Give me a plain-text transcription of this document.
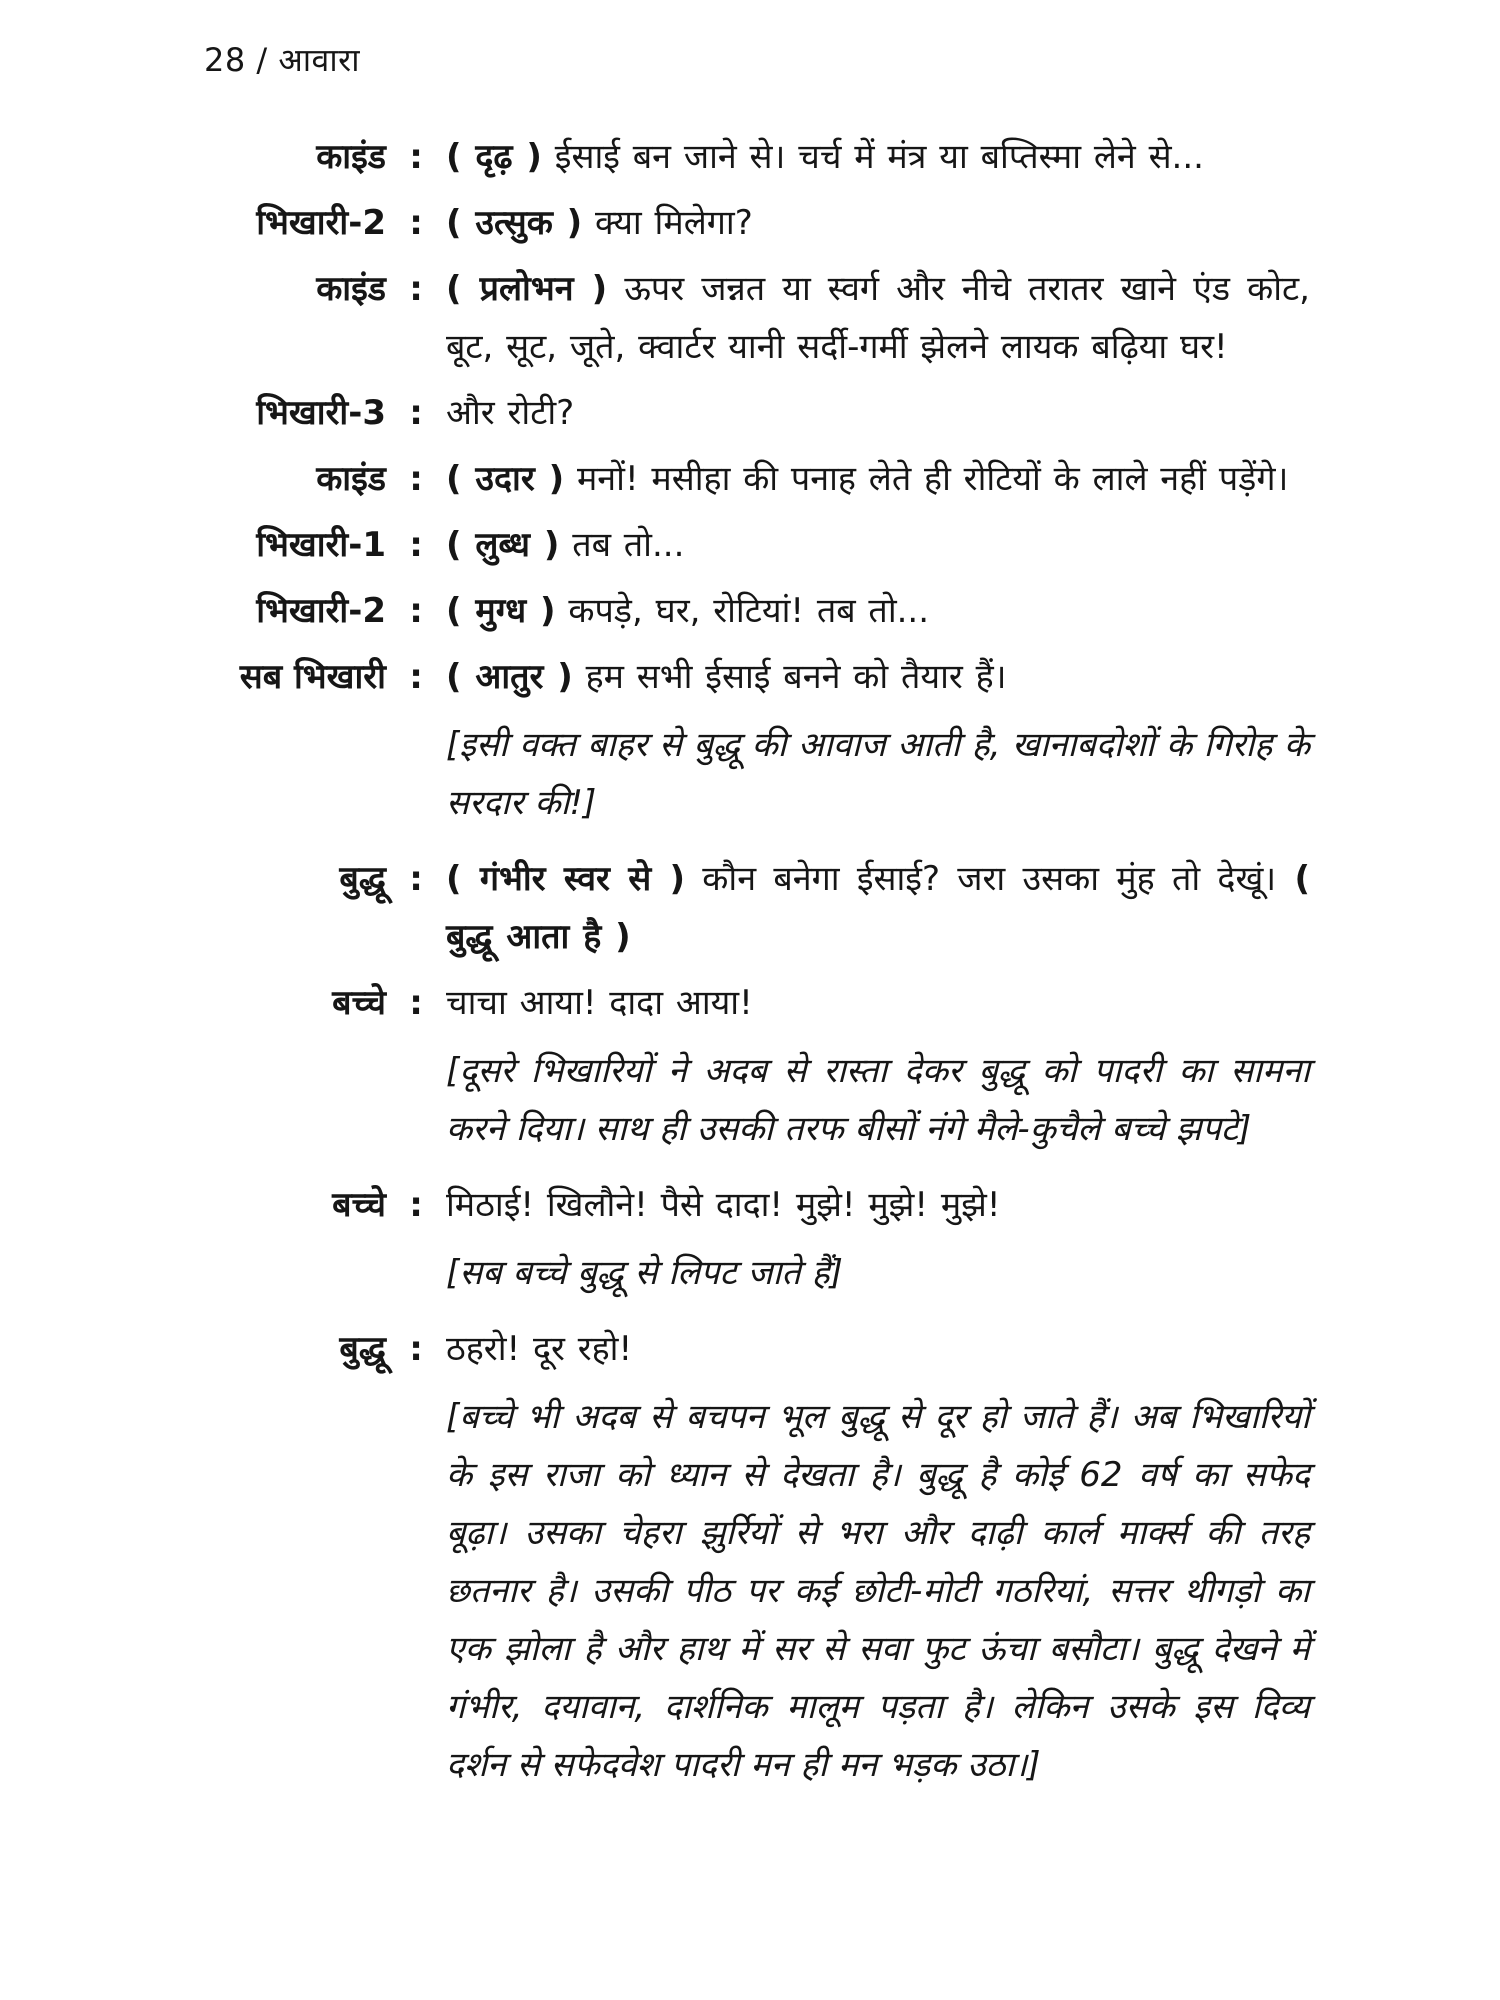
28 / आवारा
काइंड : ( दृढ़ ) ईसाई बन जाने से। चर्च में मंत्र या बप्तिस्मा लेने से...
भिखारी-2 : ( उत्सुक ) क्या मिलेगा?
काइंड : ( प्रलोभन ) ऊपर जन्नत या स्वर्ग और नीचे तरातर खाने एंड कोट, बूट, सूट, जूते, क्वार्टर यानी सर्दी-गर्मी झेलने लायक बढ़िया घर!
भिखारी-3 : और रोटी?
काइंड : ( उदार ) मनों! मसीहा की पनाह लेते ही रोटियों के लाले नहीं पड़ेंगे।
भिखारी-1 : ( लुब्ध ) तब तो...
भिखारी-2 : ( मुग्ध ) कपड़े, घर, रोटियां! तब तो...
सब भिखारी : ( आतुर ) हम सभी ईसाई बनने को तैयार हैं।
[इसी वक्त बाहर से बुद्धू की आवाज आती है, खानाबदोशों के गिरोह के सरदार की!]
बुद्धू : ( गंभीर स्वर से ) कौन बनेगा ईसाई? जरा उसका मुंह तो देखूं। ( बुद्धू आता है )
बच्चे : चाचा आया! दादा आया!
[दूसरे भिखारियों ने अदब से रास्ता देकर बुद्धू को पादरी का सामना करने दिया। साथ ही उसकी तरफ बीसों नंगे मैले-कुचैले बच्चे झपटे]
बच्चे : मिठाई! खिलौने! पैसे दादा! मुझे! मुझे! मुझे!
[सब बच्चे बुद्धू से लिपट जाते हैं]
बुद्धू : ठहरो! दूर रहो!
[बच्चे भी अदब से बचपन भूल बुद्धू से दूर हो जाते हैं। अब भिखारियों के इस राजा को ध्यान से देखता है। बुद्धू है कोई 62 वर्ष का सफेद बूढ़ा। उसका चेहरा झुर्रियों से भरा और दाढ़ी कार्ल मार्क्स की तरह छतनार है। उसकी पीठ पर कई छोटी-मोटी गठरियां, सत्तर थीगड़ो का एक झोला है और हाथ में सर से सवा फुट ऊंचा बसौटा। बुद्धू देखने में गंभीर, दयावान, दार्शनिक मालूम पड़ता है। लेकिन उसके इस दिव्य दर्शन से सफेदवेश पादरी मन ही मन भड़क उठा।]
